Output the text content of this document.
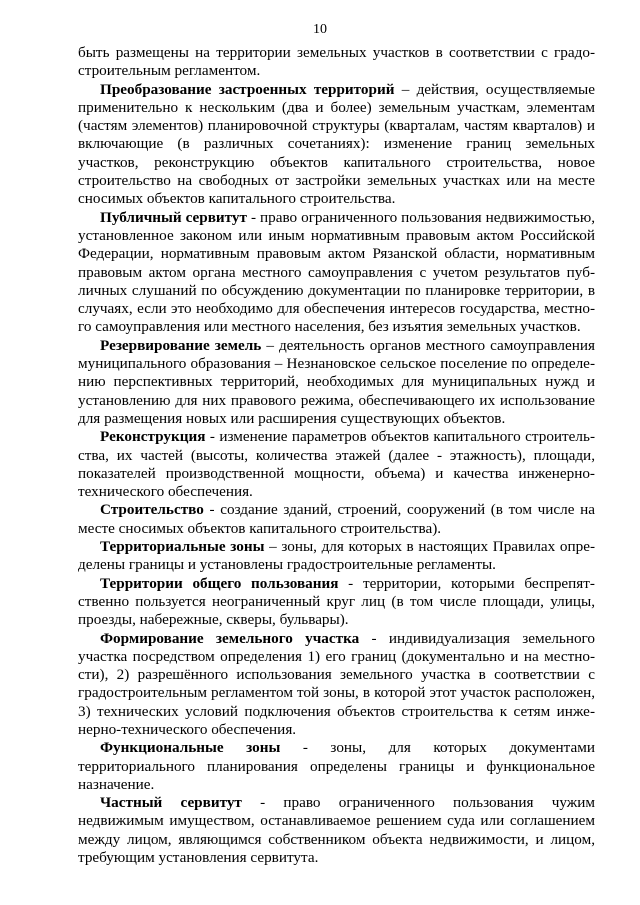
10

быть размещены на территории земельных участков в соответствии с градостроительным регламентом.

Преобразование застроенных территорий – действия, осуществляемые применительно к нескольким (два и более) земельным участкам, элементам (частям элементов) планировочной структуры (кварталам, частям кварталов) и включающие (в различных сочетаниях): изменение границ земельных участков, реконструкцию объектов капитального строительства, новое строительство на свободных от застройки земельных участках или на месте сносимых объектов капитального строительства.

Публичный сервитут - право ограниченного пользования недвижимостью, установленное законом или иным нормативным правовым актом Российской Федерации, нормативным правовым актом Рязанской области, нормативным правовым актом органа местного самоуправления с учетом результатов публичных слушаний по обсуждению документации по планировке территории, в случаях, если это необходимо для обеспечения интересов государства, местного самоуправления или местного населения, без изъятия земельных участков.

Резервирование земель – деятельность органов местного самоуправления муниципального образования – Незнановское сельское поселение по определению перспективных территорий, необходимых для муниципальных нужд и установлению для них правового режима, обеспечивающего их использование для размещения новых или расширения существующих объектов.

Реконструкция - изменение параметров объектов капитального строительства, их частей (высоты, количества этажей (далее - этажность), площади, показателей производственной мощности, объема) и качества инженерно-технического обеспечения.

Строительство - создание зданий, строений, сооружений (в том числе на месте сносимых объектов капитального строительства).

Территориальные зоны – зоны, для которых в настоящих Правилах определены границы и установлены градостроительные регламенты.

Территории общего пользования - территории, которыми беспрепятственно пользуется неограниченный круг лиц (в том числе площади, улицы, проезды, набережные, скверы, бульвары).

Формирование земельного участка - индивидуализация земельного участка посредством определения 1) его границ (документально и на местности), 2) разрешённого использования земельного участка в соответствии с градостроительным регламентом той зоны, в которой этот участок расположен, 3) технических условий подключения объектов строительства к сетям инженерно-технического обеспечения.

Функциональные зоны - зоны, для которых документами территориального планирования определены границы и функциональное назначение.

Частный сервитут - право ограниченного пользования чужим недвижимым имуществом, останавливаемое решением суда или соглашением между лицом, являющимся собственником объекта недвижимости, и лицом, требующим установления сервитута.
